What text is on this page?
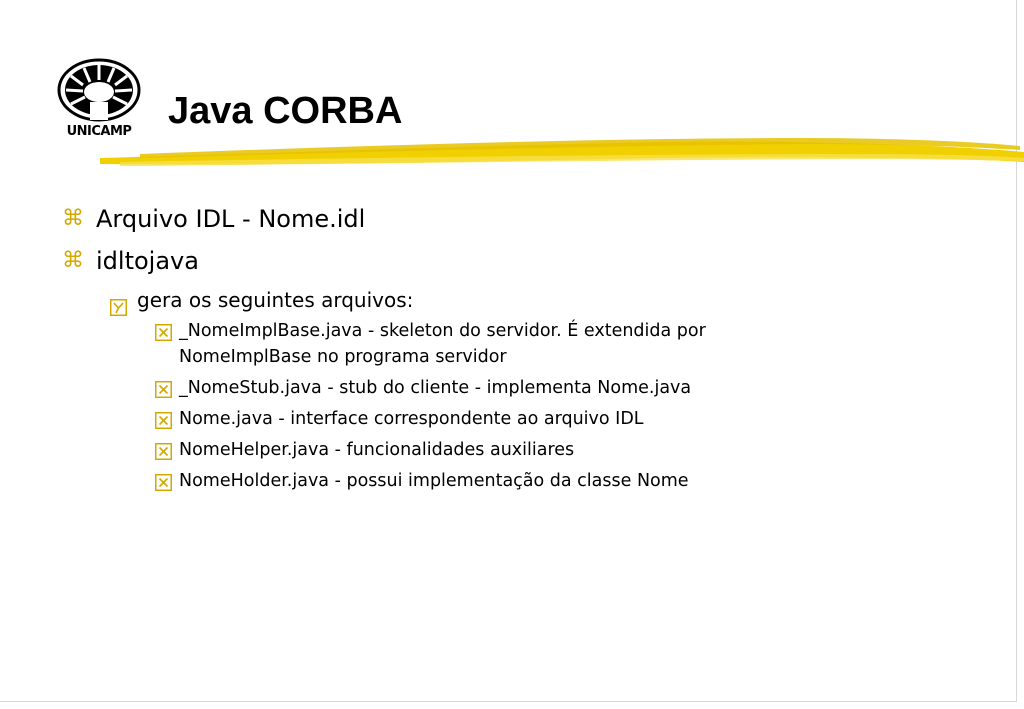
UNICAMP Java CORBA
⌘ Arquivo IDL - Nome.idl
⌘ idltojava
gera os seguintes arquivos:
_NomeImplBase.java - skeleton do servidor. É extendida por NomeImplBase no programa servidor
_NomeStub.java - stub do cliente - implementa Nome.java
Nome.java - interface correspondente ao arquivo IDL
NomeHelper.java - funcionalidades auxiliares
NomeHolder.java - possui implementação da classe Nome
